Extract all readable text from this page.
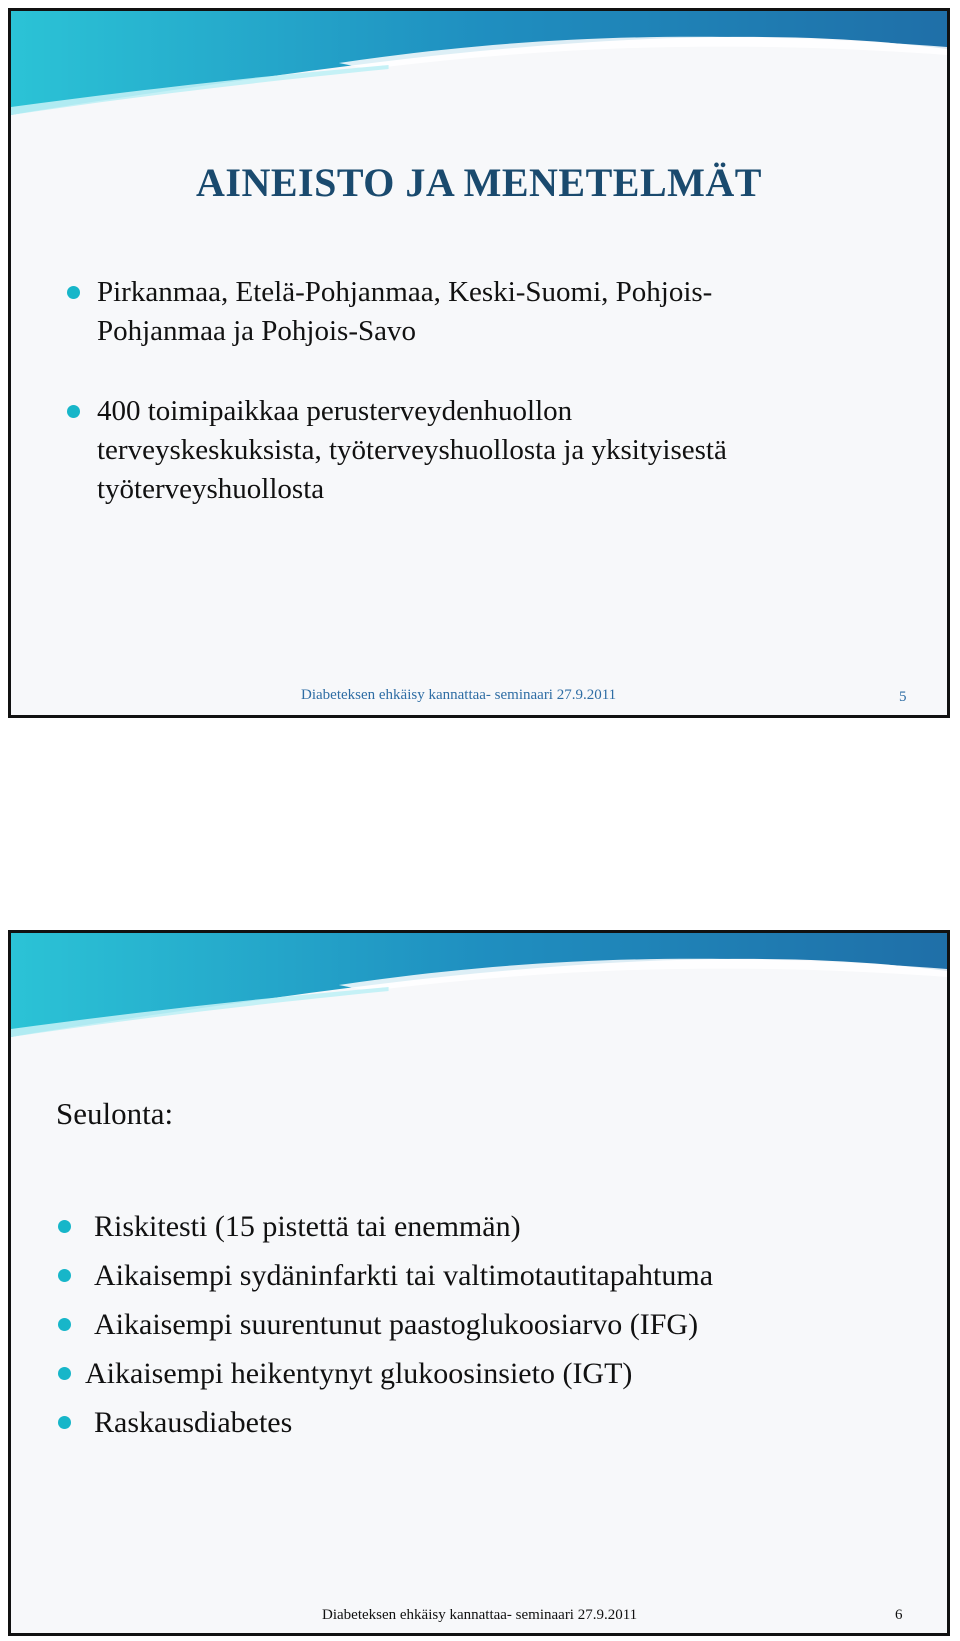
AINEISTO JA MENETELMÄT
Pirkanmaa, Etelä-Pohjanmaa, Keski-Suomi, Pohjois-
Pohjanmaa ja Pohjois-Savo
400 toimipaikkaa perusterveydenhuollon
terveyskeskuksista, työterveyshuollosta ja yksityisestä
työterveyshuollosta
Diabeteksen ehkäisy kannattaa- seminaari 27.9.2011	5
Seulonta:
Riskitesti (15 pistettä tai enemmän)
Aikaisempi sydäninfarkti tai valtimotautitapahtuma
Aikaisempi suurentunut paastoglukoosiarvo (IFG)
Aikaisempi heikentynyt glukoosinsieto (IGT)
Raskausdiabetes
Diabeteksen ehkäisy kannattaa- seminaari 27.9.2011	6
